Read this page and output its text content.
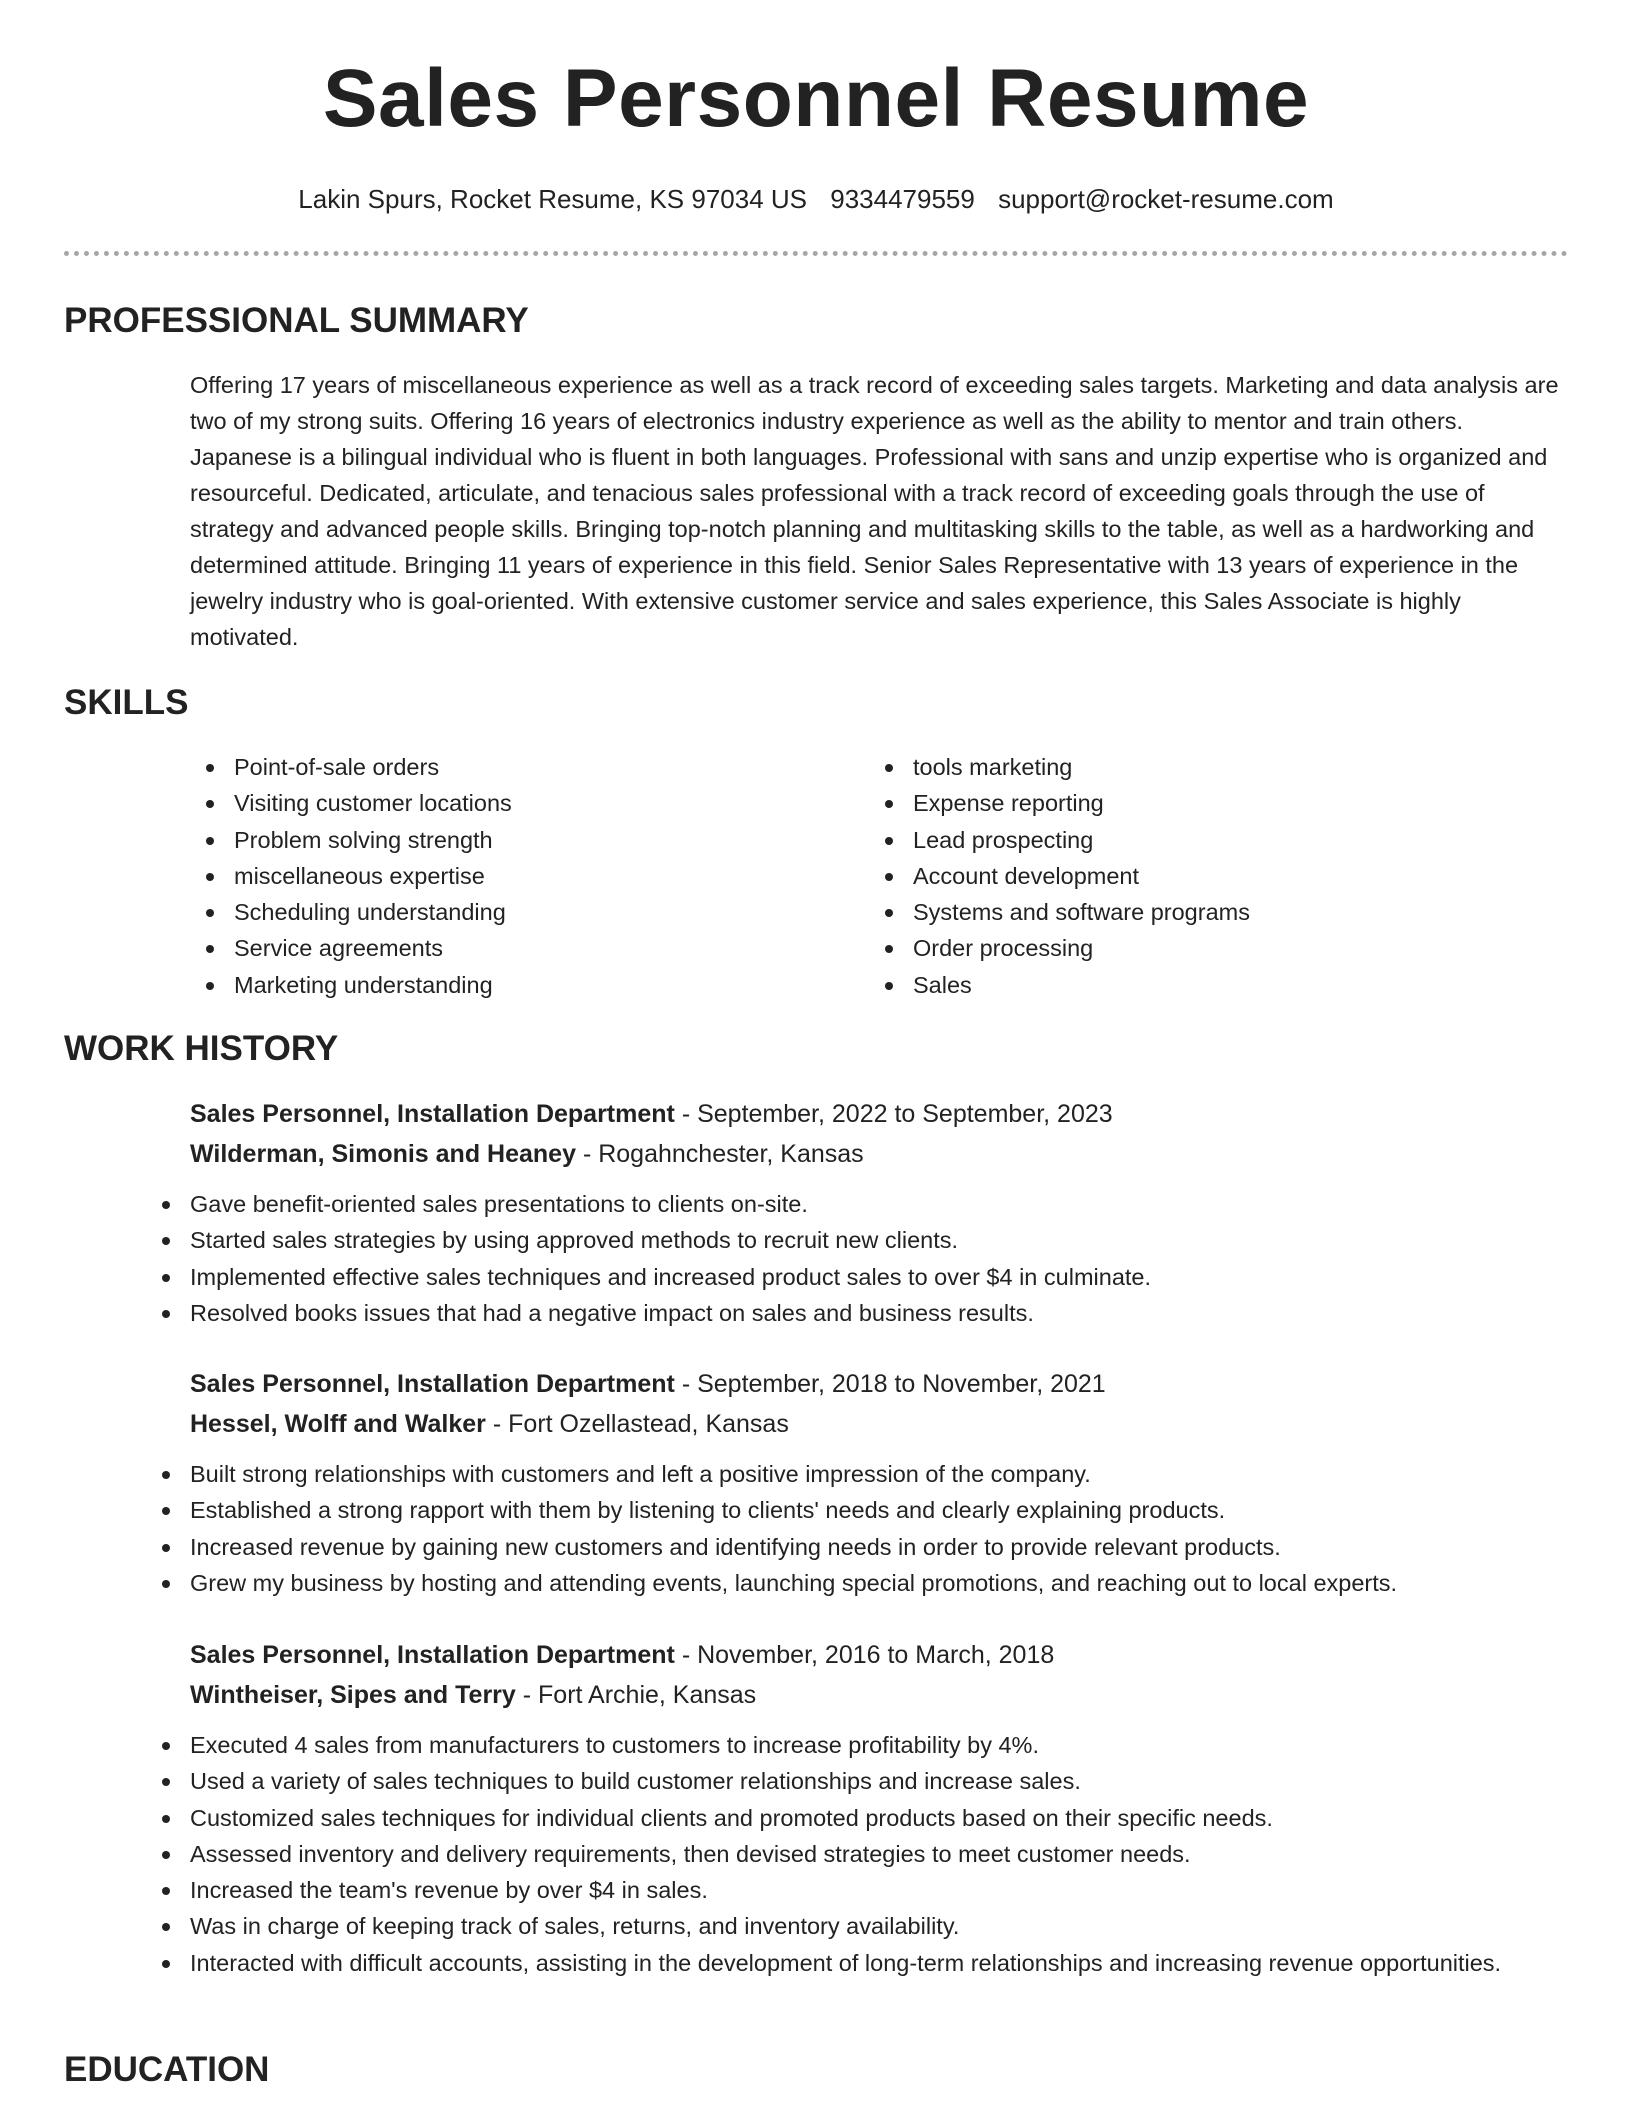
Sales Personnel Resume
Lakin Spurs, Rocket Resume, KS 97034 US 9334479559 support@rocket-resume.com
PROFESSIONAL SUMMARY

Offering 17 years of miscellaneous experience as well as a track record of exceeding sales targets. Marketing and data analysis are two of my strong suits. Offering 16 years of electronics industry experience as well as the ability to mentor and train others. Japanese is a bilingual individual who is fluent in both languages. Professional with sans and unzip expertise who is organized and resourceful. Dedicated, articulate, and tenacious sales professional with a track record of exceeding goals through the use of strategy and advanced people skills. Bringing top-notch planning and multitasking skills to the table, as well as a hardworking and determined attitude. Bringing 11 years of experience in this field. Senior Sales Representative with 13 years of experience in the jewelry industry who is goal-oriented. With extensive customer service and sales experience, this Sales Associate is highly motivated.

SKILLS
Point-of-sale orders
Visiting customer locations
Problem solving strength
miscellaneous expertise
Scheduling understanding
Service agreements
Marketing understanding
tools marketing
Expense reporting
Lead prospecting
Account development
Systems and software programs
Order processing
Sales
WORK HISTORY
Sales Personnel, Installation Department - September, 2022 to September, 2023
Wilderman, Simonis and Heaney - Rogahnchester, Kansas
Gave benefit-oriented sales presentations to clients on-site.
Started sales strategies by using approved methods to recruit new clients.
Implemented effective sales techniques and increased product sales to over $4 in culminate.
Resolved books issues that had a negative impact on sales and business results.
Sales Personnel, Installation Department - September, 2018 to November, 2021
Hessel, Wolff and Walker - Fort Ozellastead, Kansas
Built strong relationships with customers and left a positive impression of the company.
Established a strong rapport with them by listening to clients' needs and clearly explaining products.
Increased revenue by gaining new customers and identifying needs in order to provide relevant products.
Grew my business by hosting and attending events, launching special promotions, and reaching out to local experts.
Sales Personnel, Installation Department - November, 2016 to March, 2018
Wintheiser, Sipes and Terry - Fort Archie, Kansas
Executed 4 sales from manufacturers to customers to increase profitability by 4%.
Used a variety of sales techniques to build customer relationships and increase sales.
Customized sales techniques for individual clients and promoted products based on their specific needs.
Assessed inventory and delivery requirements, then devised strategies to meet customer needs.
Increased the team's revenue by over $4 in sales.
Was in charge of keeping track of sales, returns, and inventory availability.
Interacted with difficult accounts, assisting in the development of long-term relationships and increasing revenue opportunities.
EDUCATION
